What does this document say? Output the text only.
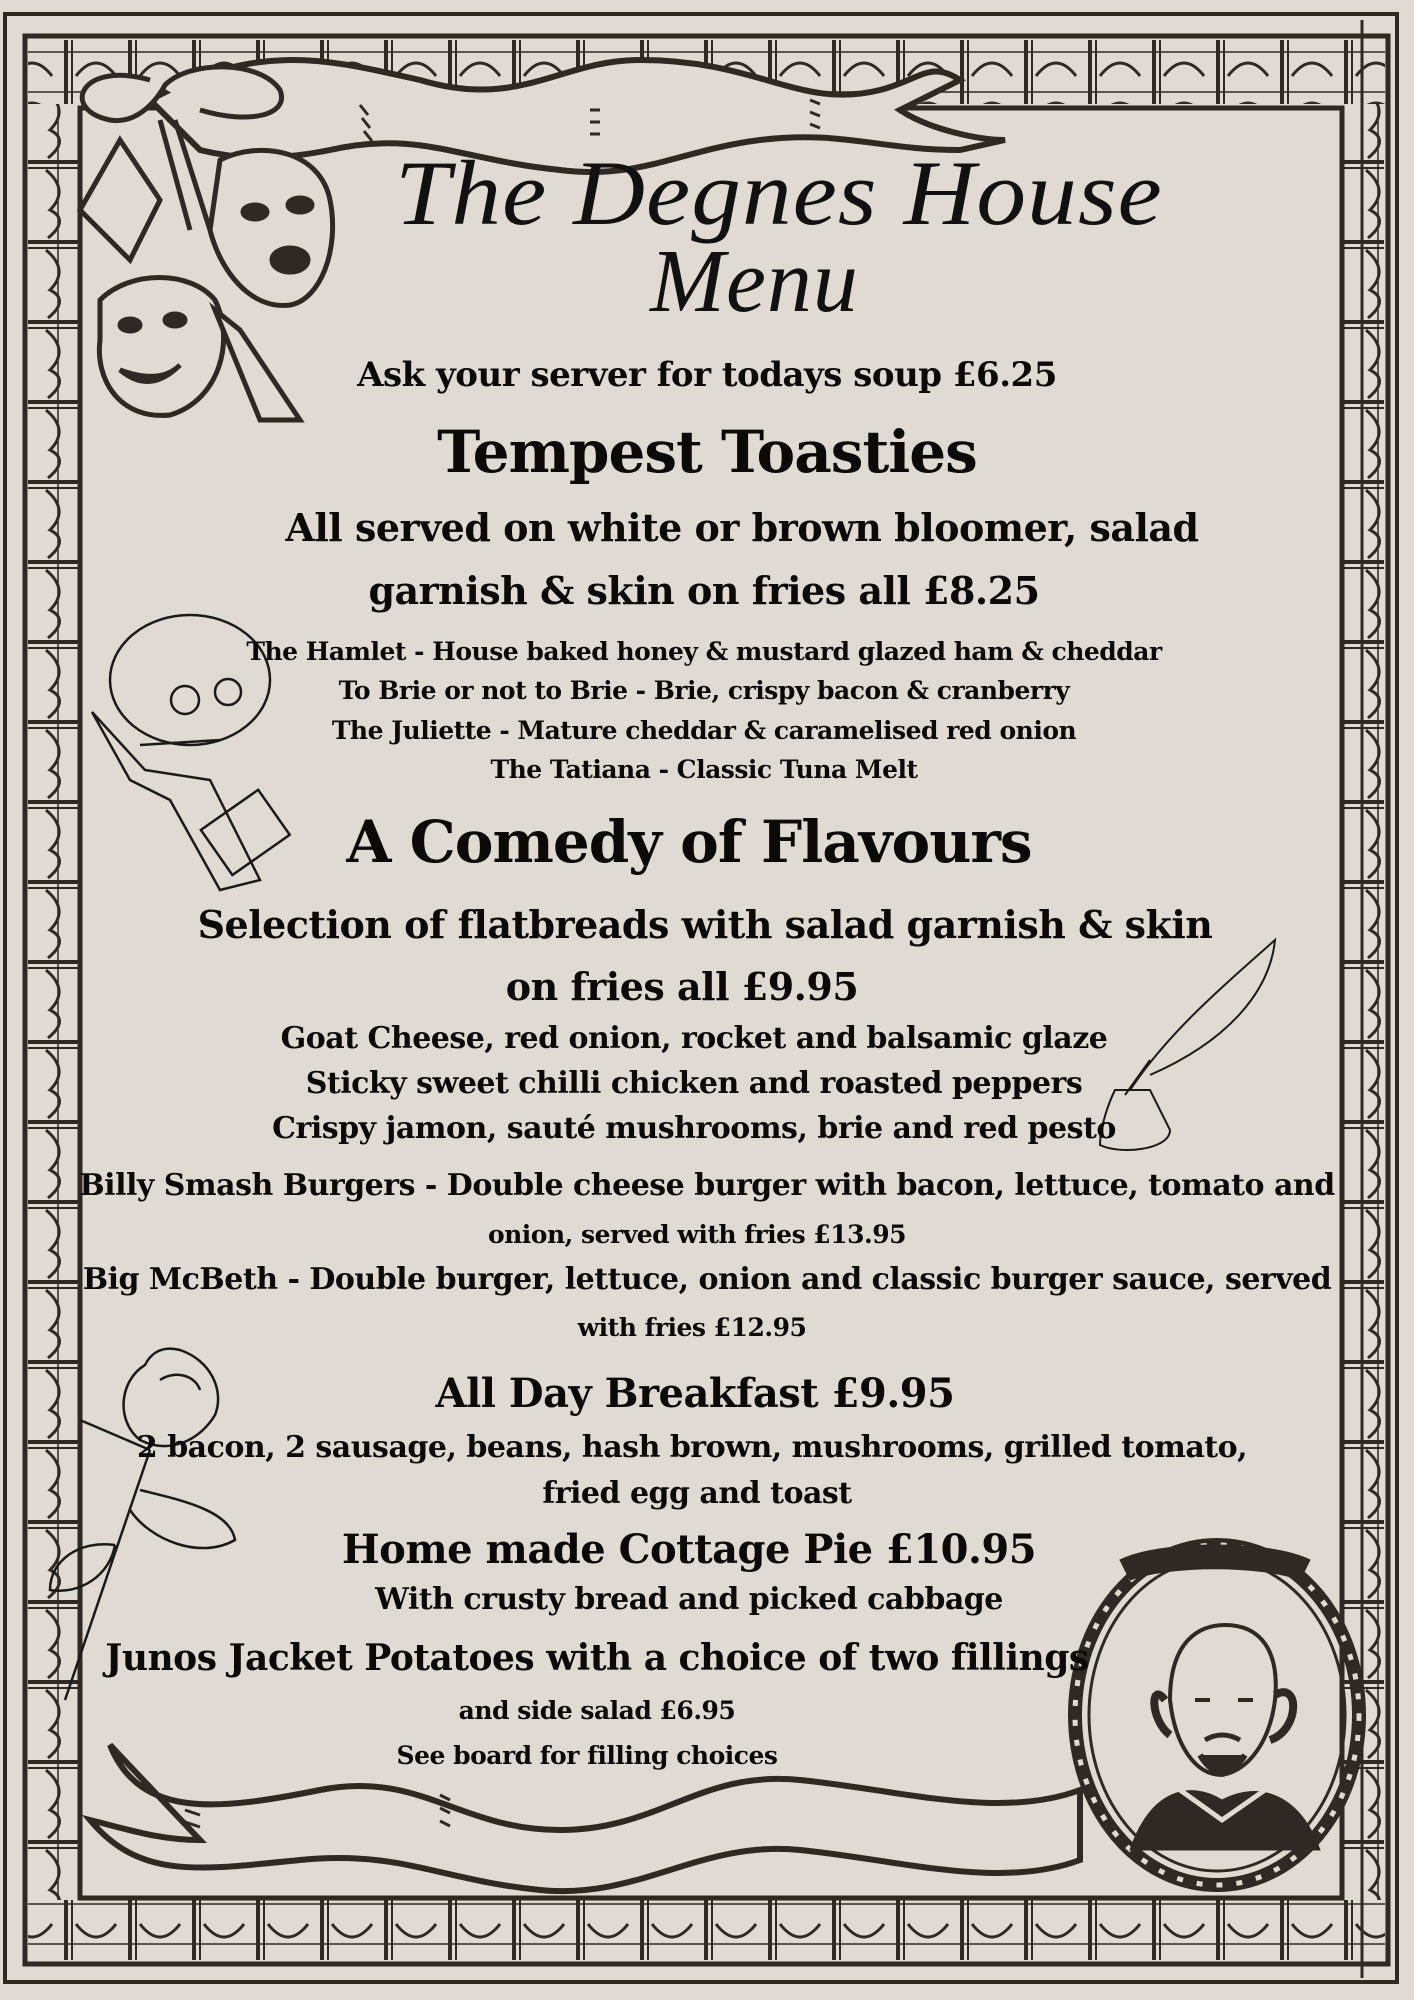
The Degnes House
Menu
Ask your server for todays soup £6.25
Tempest Toasties
All served on white or brown bloomer, salad
garnish & skin on fries all £8.25
The Hamlet - House baked honey & mustard glazed ham & cheddar
To Brie or not to Brie - Brie, crispy bacon & cranberry
The Juliette - Mature cheddar & caramelised red onion
The Tatiana - Classic Tuna Melt
A Comedy of Flavours
Selection of flatbreads with salad garnish & skin
on fries all £9.95
Goat Cheese, red onion, rocket and balsamic glaze
Sticky sweet chilli chicken and roasted peppers
Crispy jamon, sauté mushrooms, brie and red pesto
Billy Smash Burgers - Double cheese burger with bacon, lettuce, tomato and
onion, served with fries £13.95
Big McBeth - Double burger, lettuce, onion and classic burger sauce, served
with fries £12.95
All Day Breakfast £9.95
2 bacon, 2 sausage, beans, hash brown, mushrooms, grilled tomato,
fried egg and toast
Home made Cottage Pie £10.95
With crusty bread and picked cabbage
Junos Jacket Potatoes with a choice of two fillings
and side salad £6.95
See board for filling choices
